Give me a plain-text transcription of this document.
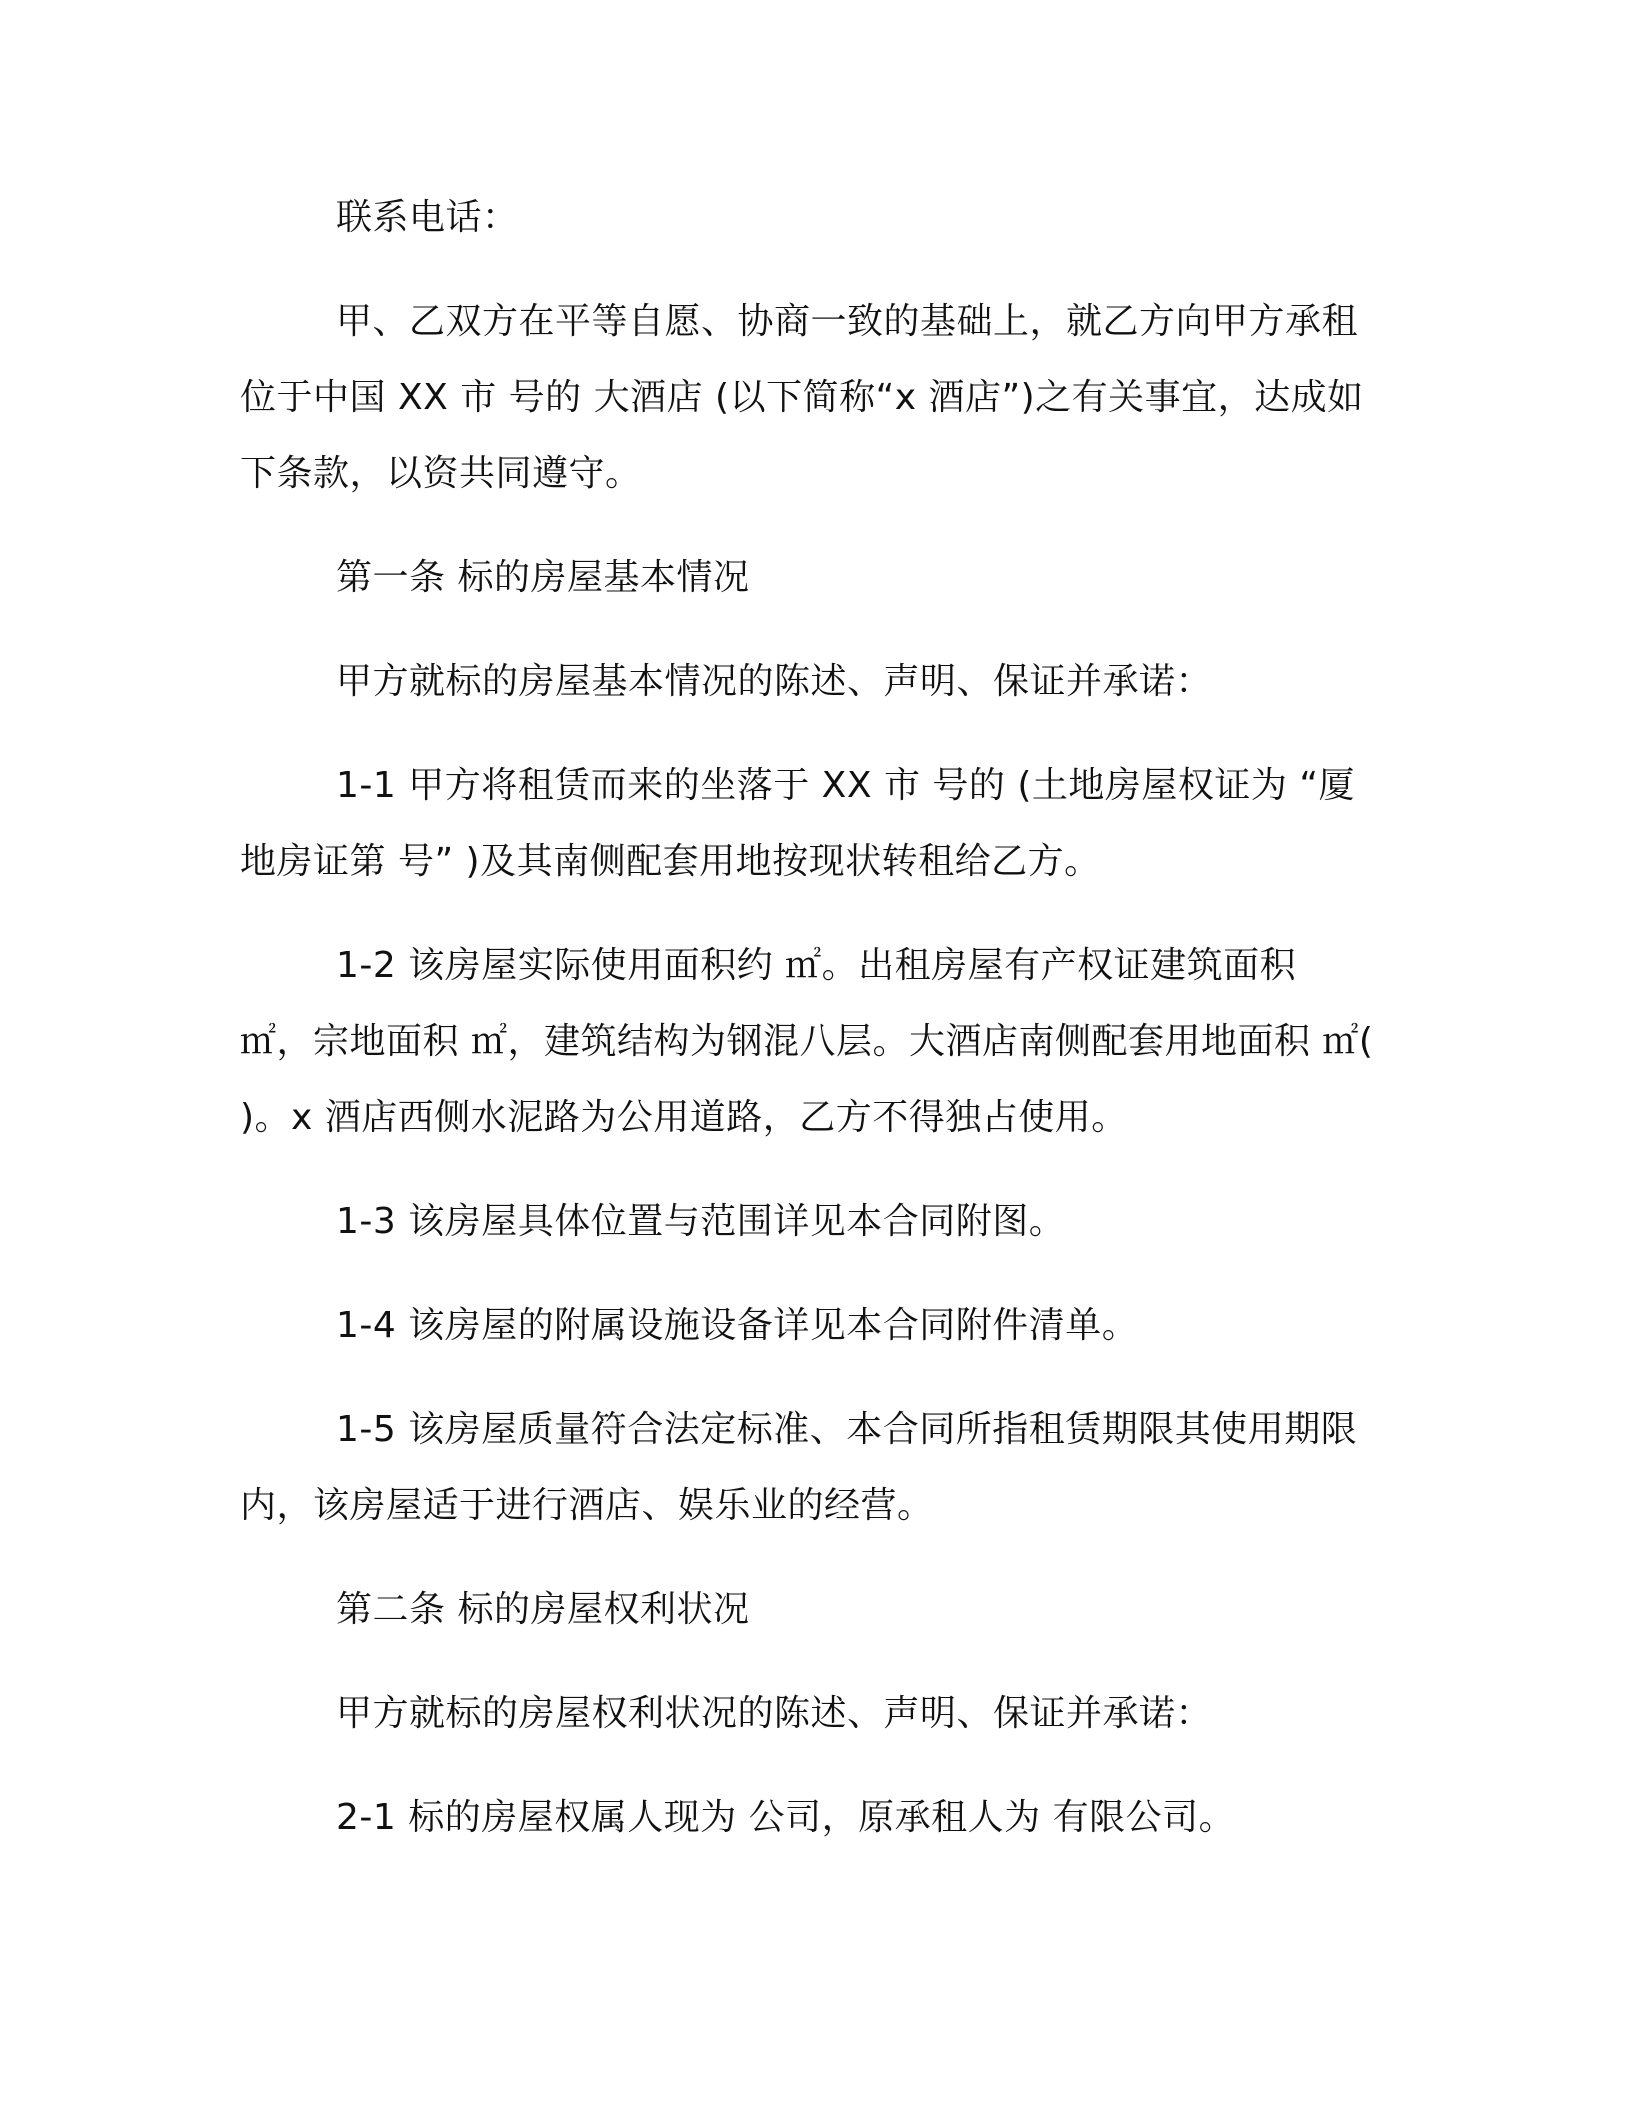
联系电话：

甲、乙双方在平等自愿、协商一致的基础上，就乙方向甲方承租位于中国 XX 市 号的 大酒店 (以下简称“x 酒店”)之有关事宜，达成如下条款，以资共同遵守。

第一条 标的房屋基本情况

甲方就标的房屋基本情况的陈述、声明、保证并承诺：

1-1 甲方将租赁而来的坐落于 XX 市 号的 (土地房屋权证为 “厦地房证第 号” )及其南侧配套用地按现状转租给乙方。

1-2 该房屋实际使用面积约 ㎡。出租房屋有产权证建筑面积 ㎡，宗地面积 ㎡，建筑结构为钢混八层。大酒店南侧配套用地面积 ㎡( )。x 酒店西侧水泥路为公用道路，乙方不得独占使用。

1-3 该房屋具体位置与范围详见本合同附图。

1-4 该房屋的附属设施设备详见本合同附件清单。

1-5 该房屋质量符合法定标准、本合同所指租赁期限其使用期限内，该房屋适于进行酒店、娱乐业的经营。

第二条 标的房屋权利状况

甲方就标的房屋权利状况的陈述、声明、保证并承诺：

2-1 标的房屋权属人现为 公司，原承租人为 有限公司。
